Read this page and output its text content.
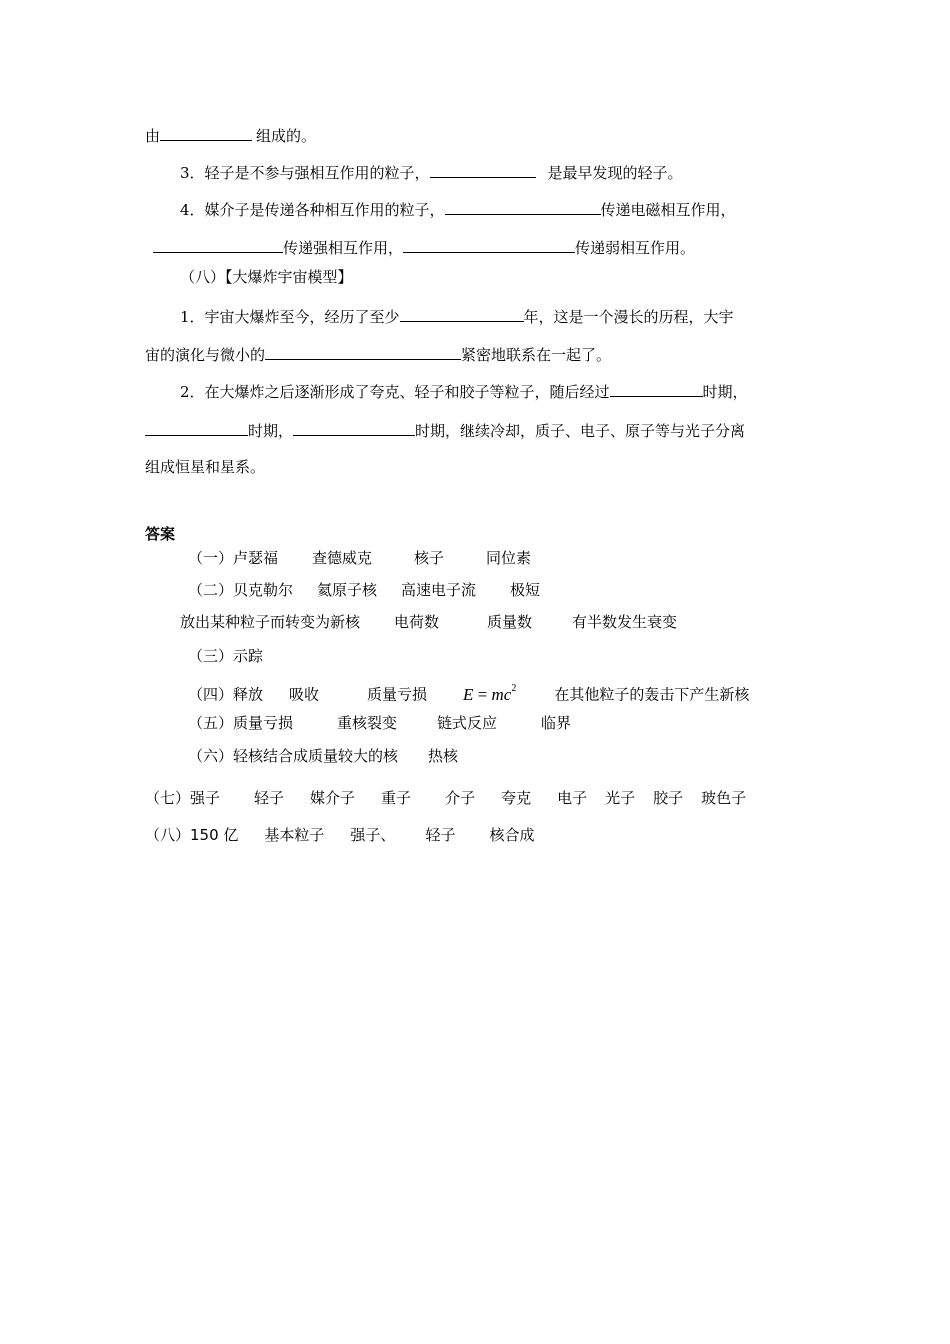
由	组成的。
3．轻子是不参与强相互作用的粒子，	是最早发现的轻子。
4．媒介子是传递各种相互作用的粒子，	传递电磁相互作用，
传递强相互作用，	传递弱相互作用。
（八）【大爆炸宇宙模型】
1．宇宙大爆炸至今，经历了至少	年，这是一个漫长的历程，大宇
宙的演化与微小的	紧密地联系在一起了。
2．在大爆炸之后逐渐形成了夸克、轻子和胶子等粒子，随后经过	时期，
时期，	时期，继续冷却，质子、电子、原子等与光子分离
组成恒星和星系。
答案
（一）卢瑟福 查德威克	核子	同位素
（二）贝克勒尔 氦原子核 高速电子流 极短
放出某种粒子而转变为新核 电荷数	质量数	有半数发生衰变
（三）示踪
（四）释放 吸收	质量亏损 $E = mc^2$	在其他粒子的轰击下产生新核
（五）质量亏损	重核裂变	链式反应	临界
（六）轻核结合成质量较大的核 热核
（七）强子 轻子 媒介子 重子 介子 夸克 电子 光子 胶子 玻色子
（八）150 亿 基本粒子 强子、 轻子 核合成
